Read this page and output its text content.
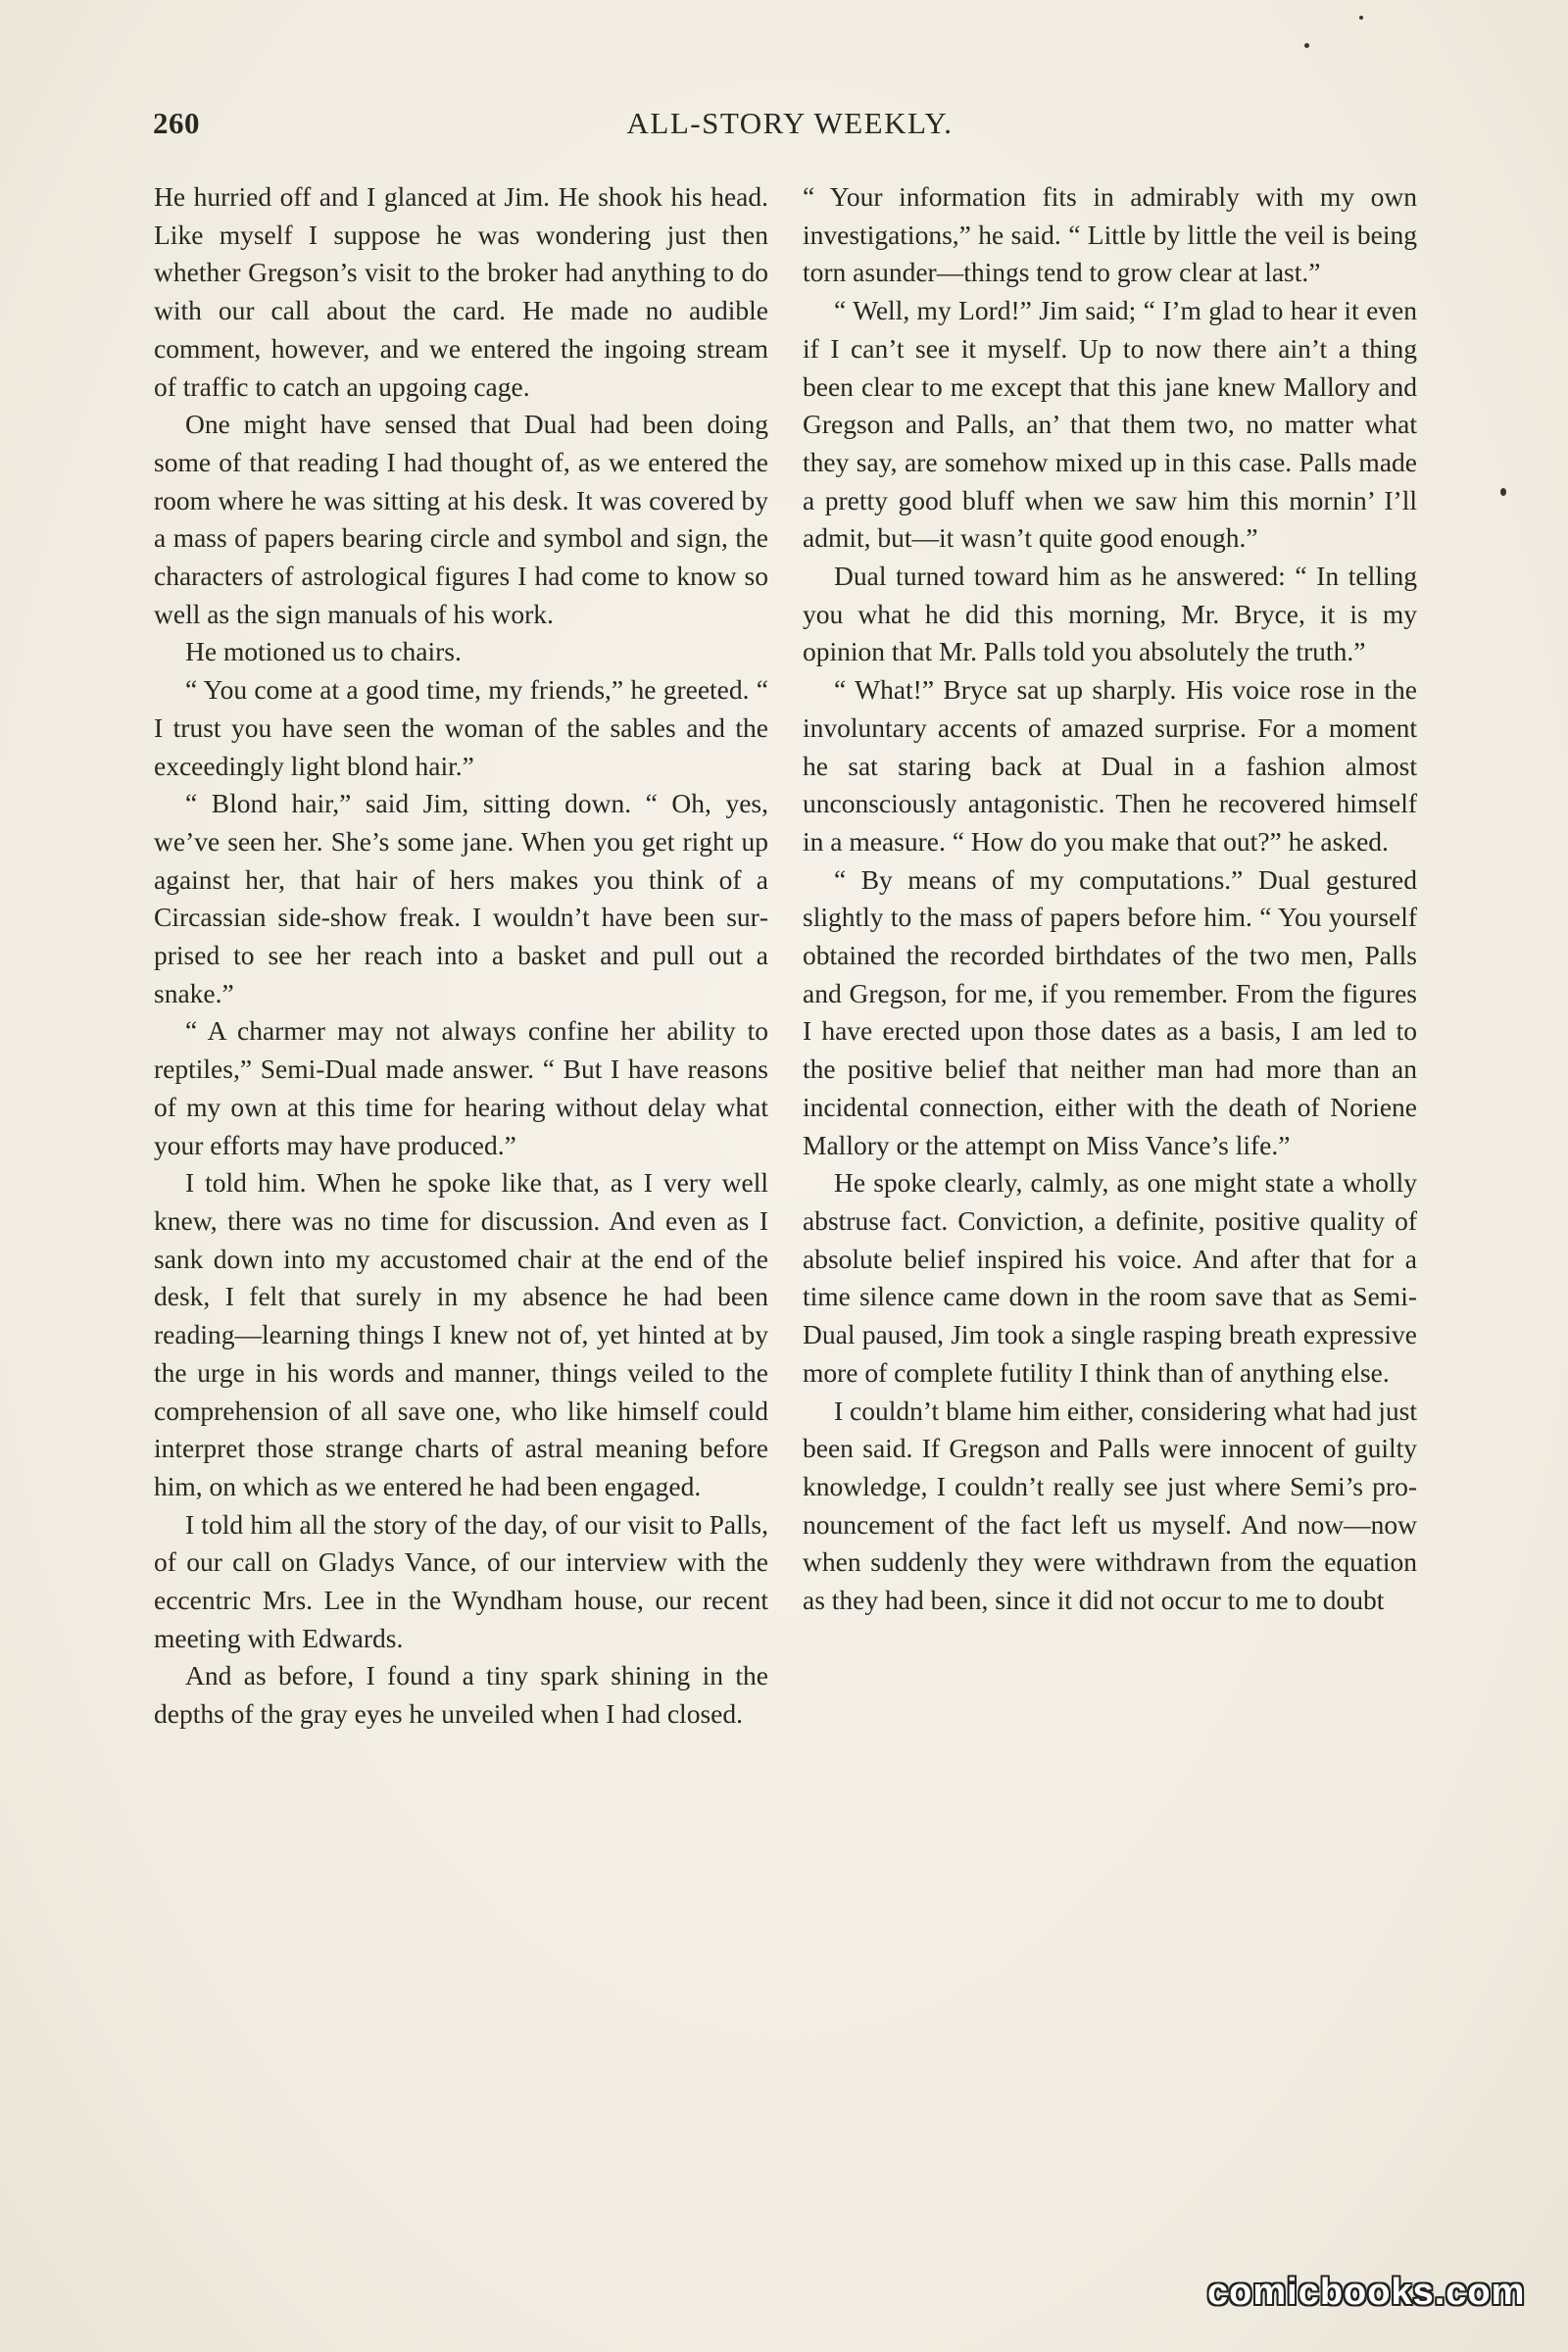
260	ALL-STORY WEEKLY.

He hurried off and I glanced at Jim. He shook his head. Like myself I suppose he was wondering just then whether Gregson’s visit to the broker had anything to do with our call about the card. He made no audible comment, however, and we entered the ingoing stream of traffic to catch an upgoing cage.

One might have sensed that Dual had been doing some of that reading I had thought of, as we entered the room where he was sitting at his desk. It was covered by a mass of papers bearing circle and symbol and sign, the characters of astrological figures I had come to know so well as the sign manuals of his work.

He motioned us to chairs.

“ You come at a good time, my friends,” he greeted. “ I trust you have seen the woman of the sables and the exceedingly light blond hair.”

“ Blond hair,” said Jim, sitting down. “ Oh, yes, we’ve seen her. She’s some jane. When you get right up against her, that hair of hers makes you think of a Circassian side-show freak. I wouldn’t have been surprised to see her reach into a basket and pull out a snake.”

“ A charmer may not always confine her ability to reptiles,” Semi-Dual made answer. “ But I have reasons of my own at this time for hearing without delay what your efforts may have produced.”

I told him. When he spoke like that, as I very well knew, there was no time for discussion. And even as I sank down into my accustomed chair at the end of the desk, I felt that surely in my absence he had been reading—learning things I knew not of, yet hinted at by the urge in his words and manner, things veiled to the comprehension of all save one, who like himself could interpret those strange charts of astral meaning before him, on which as we entered he had been engaged.

I told him all the story of the day, of our visit to Palls, of our call on Gladys Vance, of our interview with the eccentric Mrs. Lee in the Wyndham house, our recent meeting with Edwards.

And as before, I found a tiny spark shining in the depths of the gray eyes he unveiled when I had closed.

“ Your information fits in admirably with my own investigations,” he said. “ Little by little the veil is being torn asunder—things tend to grow clear at last.”

“ Well, my Lord!” Jim said; “ I’m glad to hear it even if I can’t see it myself. Up to now there ain’t a thing been clear to me except that this jane knew Mallory and Gregson and Palls, an’ that them two, no matter what they say, are somehow mixed up in this case. Palls made a pretty good bluff when we saw him this mornin’ I’ll admit, but—it wasn’t quite good enough.”

Dual turned toward him as he answered: “ In telling you what he did this morning, Mr. Bryce, it is my opinion that Mr. Palls told you absolutely the truth.”

“ What!” Bryce sat up sharply. His voice rose in the involuntary accents of amazed surprise. For a moment he sat staring back at Dual in a fashion almost unconsciously antagonistic. Then he recovered himself in a measure. “ How do you make that out?” he asked.

“ By means of my computations.” Dual gestured slightly to the mass of papers before him. “ You yourself obtained the recorded birthdates of the two men, Palls and Gregson, for me, if you remember. From the figures I have erected upon those dates as a basis, I am led to the positive belief that neither man had more than an incidental connection, either with the death of Noriene Mallory or the attempt on Miss Vance’s life.”

He spoke clearly, calmly, as one might state a wholly abstruse fact. Conviction, a definite, positive quality of absolute belief inspired his voice. And after that for a time silence came down in the room save that as Semi-Dual paused, Jim took a single rasping breath expressive more of complete futility I think than of anything else.

I couldn’t blame him either, considering what had just been said. If Gregson and Palls were innocent of guilty knowledge, I couldn’t really see just where Semi’s pronouncement of the fact left us myself. And now—now when suddenly they were withdrawn from the equation as they had been, since it did not occur to me to doubt

comicbooks.com
